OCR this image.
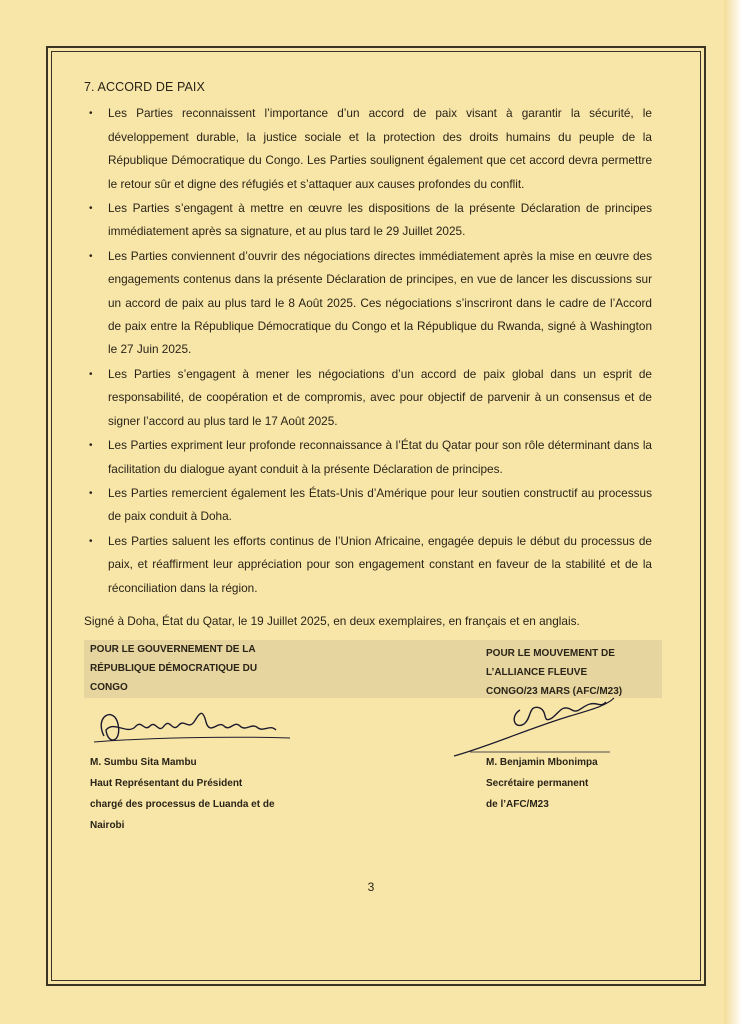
7. ACCORD DE PAIX
• Les Parties reconnaissent l’importance d’un accord de paix visant à garantir la sécurité, le développement durable, la justice sociale et la protection des droits humains du peuple de la République Démocratique du Congo. Les Parties soulignent également que cet accord devra permettre le retour sûr et digne des réfugiés et s’attaquer aux causes profondes du conflit.
• Les Parties s’engagent à mettre en œuvre les dispositions de la présente Déclaration de principes immédiatement après sa signature, et au plus tard le 29 Juillet 2025.
• Les Parties conviennent d’ouvrir des négociations directes immédiatement après la mise en œuvre des engagements contenus dans la présente Déclaration de principes, en vue de lancer les discussions sur un accord de paix au plus tard le 8 Août 2025. Ces négociations s’inscriront dans le cadre de l’Accord de paix entre la République Démocratique du Congo et la République du Rwanda, signé à Washington le 27 Juin 2025.
• Les Parties s’engagent à mener les négociations d’un accord de paix global dans un esprit de responsabilité, de coopération et de compromis, avec pour objectif de parvenir à un consensus et de signer l’accord au plus tard le 17 Août 2025.
• Les Parties expriment leur profonde reconnaissance à l’État du Qatar pour son rôle déterminant dans la facilitation du dialogue ayant conduit à la présente Déclaration de principes.
• Les Parties remercient également les États-Unis d’Amérique pour leur soutien constructif au processus de paix conduit à Doha.
• Les Parties saluent les efforts continus de l’Union Africaine, engagée depuis le début du processus de paix, et réaffirment leur appréciation pour son engagement constant en faveur de la stabilité et de la réconciliation dans la région.
Signé à Doha, État du Qatar, le 19 Juillet 2025, en deux exemplaires, en français et en anglais.
POUR LE GOUVERNEMENT DE LA
RÉPUBLIQUE DÉMOCRATIQUE DU
CONGO
POUR LE MOUVEMENT DE
L’ALLIANCE FLEUVE
CONGO/23 MARS (AFC/M23)
M. Sumbu Sita Mambu
Haut Représentant du Président
chargé des processus de Luanda et de
Nairobi
M. Benjamin Mbonimpa
Secrétaire permanent
de l’AFC/M23
3
